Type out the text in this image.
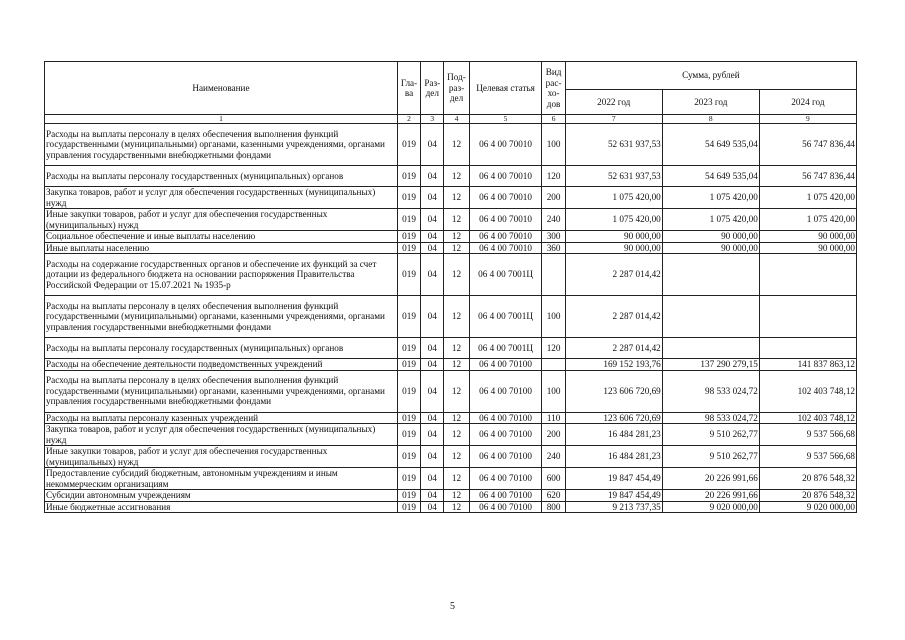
Наименование	Гла-ва	Раз-дел	Под-раз-дел	Целевая статья	Вид рас-хо-дов	Сумма, рублей		
						2022 год	2023 год	2024 год
1	2	3	4	5	6	7	8	9
Расходы на выплаты персоналу в целях обеспечения выполнения функций государственными (муниципальными) органами, казенными учреждениями, органами управления государственными внебюджетными фондами	019	04	12	06 4 00 70010	100	52 631 937,53	54 649 535,04	56 747 836,44
Расходы на выплаты персоналу государственных (муниципальных) органов	019	04	12	06 4 00 70010	120	52 631 937,53	54 649 535,04	56 747 836,44
Закупка товаров, работ и услуг для обеспечения государственных (муниципальных) нужд	019	04	12	06 4 00 70010	200	1 075 420,00	1 075 420,00	1 075 420,00
Иные закупки товаров, работ и услуг для обеспечения государственных (муниципальных) нужд	019	04	12	06 4 00 70010	240	1 075 420,00	1 075 420,00	1 075 420,00
Социальное обеспечение и иные выплаты населению	019	04	12	06 4 00 70010	300	90 000,00	90 000,00	90 000,00
Иные выплаты населению	019	04	12	06 4 00 70010	360	90 000,00	90 000,00	90 000,00
Расходы на содержание государственных органов и обеспечение их функций за счет дотации из федерального бюджета на основании распоряжения Правительства Российской Федерации от 15.07.2021 № 1935-р	019	04	12	06 4 00 7001Ц		2 287 014,42		
Расходы на выплаты персоналу в целях обеспечения выполнения функций государственными (муниципальными) органами, казенными учреждениями, органами управления государственными внебюджетными фондами	019	04	12	06 4 00 7001Ц	100	2 287 014,42		
Расходы на выплаты персоналу государственных (муниципальных) органов	019	04	12	06 4 00 7001Ц	120	2 287 014,42		
Расходы на обеспечение деятельности подведомственных учреждений	019	04	12	06 4 00 70100		169 152 193,76	137 290 279,15	141 837 863,12
Расходы на выплаты персоналу в целях обеспечения выполнения функций государственными (муниципальными) органами, казенными учреждениями, органами управления государственными внебюджетными фондами	019	04	12	06 4 00 70100	100	123 606 720,69	98 533 024,72	102 403 748,12
Расходы на выплаты персоналу казенных учреждений	019	04	12	06 4 00 70100	110	123 606 720,69	98 533 024,72	102 403 748,12
Закупка товаров, работ и услуг для обеспечения государственных (муниципальных) нужд	019	04	12	06 4 00 70100	200	16 484 281,23	9 510 262,77	9 537 566,68
Иные закупки товаров, работ и услуг для обеспечения государственных (муниципальных) нужд	019	04	12	06 4 00 70100	240	16 484 281,23	9 510 262,77	9 537 566,68
Предоставление субсидий бюджетным, автономным учреждениям и иным некоммерческим организациям	019	04	12	06 4 00 70100	600	19 847 454,49	20 226 991,66	20 876 548,32
Субсидии автономным учреждениям	019	04	12	06 4 00 70100	620	19 847 454,49	20 226 991,66	20 876 548,32
Иные бюджетные ассигнования	019	04	12	06 4 00 70100	800	9 213 737,35	9 020 000,00	9 020 000,00
5
